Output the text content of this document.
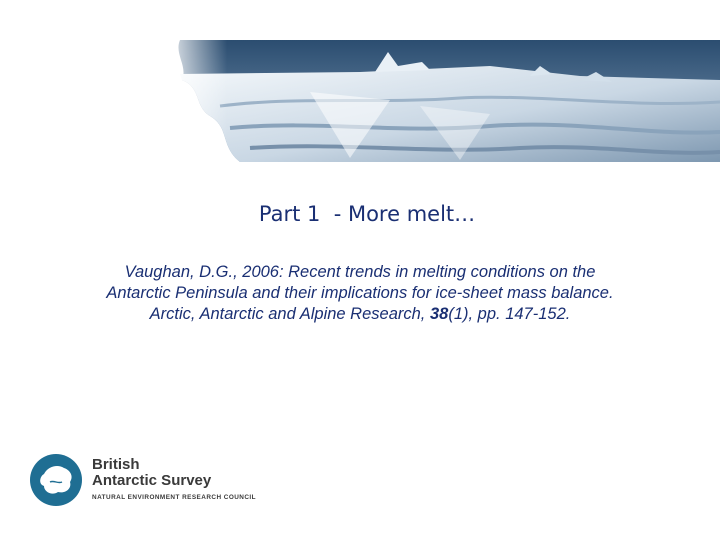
Part 1  - More melt…
Vaughan, D.G., 2006: Recent trends in melting conditions on the
Antarctic Peninsula and their implications for ice-sheet mass balance.
Arctic, Antarctic and Alpine Research, 38(1), pp. 147-152.
British
Antarctic Survey
NATURAL ENVIRONMENT RESEARCH COUNCIL
